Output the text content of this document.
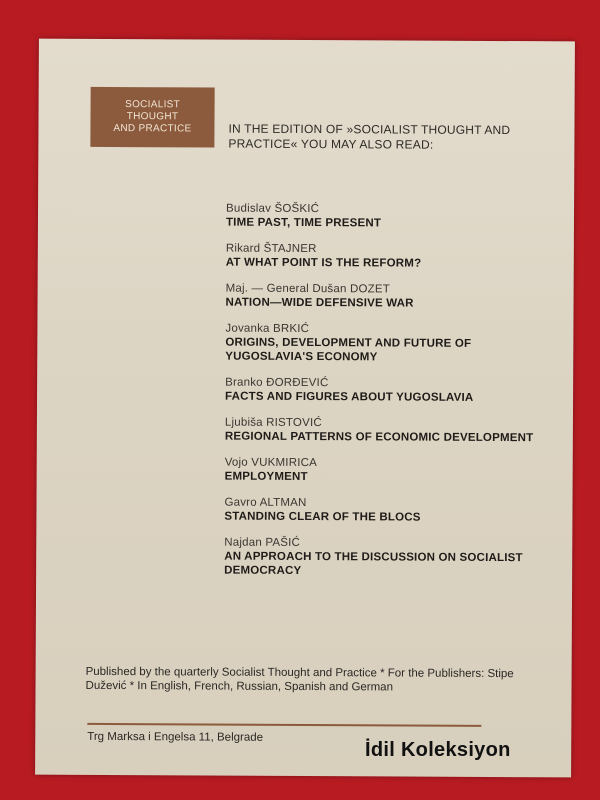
SOCIALIST
THOUGHT
AND PRACTICE	IN THE EDITION OF »SOCIALIST THOUGHT AND PRACTICE« YOU MAY ALSO READ:

Budislav ŠOŠKIĆ
TIME PAST, TIME PRESENT
Rikard ŠTAJNER
AT WHAT POINT IS THE REFORM?
Maj. — General Dušan DOZET
NATION—WIDE DEFENSIVE WAR
Jovanka BRKIĆ
ORIGINS, DEVELOPMENT AND FUTURE OF YUGOSLAVIA'S ECONOMY
Branko ĐORĐEVIĆ
FACTS AND FIGURES ABOUT YUGOSLAVIA
Ljubiša RISTOVIĆ
REGIONAL PATTERNS OF ECONOMIC DEVELOPMENT
Vojo VUKMIRICA
EMPLOYMENT
Gavro ALTMAN
STANDING CLEAR OF THE BLOCS
Najdan PAŠIĆ
AN APPROACH TO THE DISCUSSION ON SOCIALIST DEMOCRACY

Published by the quarterly Socialist Thought and Practice * For the Publishers: Stipe Dužević * In English, French, Russian, Spanish and German

Trg Marksa i Engelsa 11, Belgrade
İdil Koleksiyon
